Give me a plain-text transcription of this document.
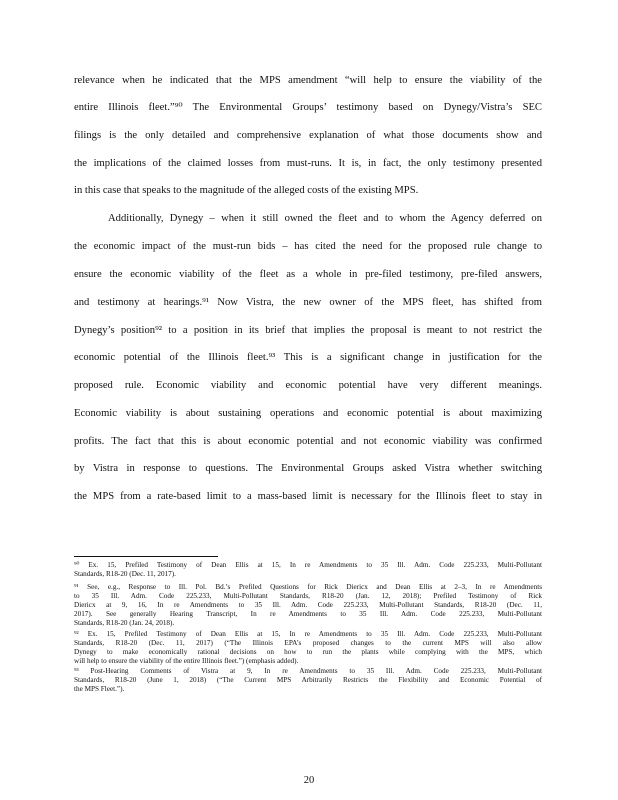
relevance when he indicated that the MPS amendment “will help to ensure the viability of the
entire Illinois fleet.”⁹⁰ The Environmental Groups’ testimony based on Dynegy/Vistra’s SEC
filings is the only detailed and comprehensive explanation of what those documents show and
the implications of the claimed losses from must-runs. It is, in fact, the only testimony presented
in this case that speaks to the magnitude of the alleged costs of the existing MPS.
Additionally, Dynegy – when it still owned the fleet and to whom the Agency deferred on
the economic impact of the must-run bids – has cited the need for the proposed rule change to
ensure the economic viability of the fleet as a whole in pre-filed testimony, pre-filed answers,
and testimony at hearings.⁹¹ Now Vistra, the new owner of the MPS fleet, has shifted from
Dynegy’s position⁹² to a position in its brief that implies the proposal is meant to not restrict the
economic potential of the Illinois fleet.⁹³ This is a significant change in justification for the
proposed rule. Economic viability and economic potential have very different meanings.
Economic viability is about sustaining operations and economic potential is about maximizing
profits. The fact that this is about economic potential and not economic viability was confirmed
by Vistra in response to questions. The Environmental Groups asked Vistra whether switching
the MPS from a rate-based limit to a mass-based limit is necessary for the Illinois fleet to stay in
⁹⁰ Ex. 15, Prefiled Testimony of Dean Ellis at 15, In re Amendments to 35 Ill. Adm. Code 225.233, Multi-Pollutant
Standards, R18-20 (Dec. 11, 2017).
⁹¹ See, e.g., Response to Ill. Pol. Bd.’s Prefiled Questions for Rick Diericx and Dean Ellis at 2–3, In re Amendments
to 35 Ill. Adm. Code 225.233, Multi-Pollutant Standards, R18-20 (Jan. 12, 2018); Prefiled Testimony of Rick
Diericx at 9, 16, In re Amendments to 35 Ill. Adm. Code 225.233, Multi-Pollutant Standards, R18-20 (Dec. 11,
2017). See generally Hearing Transcript, In re Amendments to 35 Ill. Adm. Code 225.233, Multi-Pollutant
Standards, R18-20 (Jan. 24, 2018).
⁹² Ex. 15, Prefiled Testimony of Dean Ellis at 15, In re Amendments to 35 Ill. Adm. Code 225.233, Multi-Pollutant
Standards, R18-20 (Dec. 11, 2017) (“The Illinois EPA’s proposed changes to the current MPS will also allow
Dynegy to make economically rational decisions on how to run the plants while complying with the MPS, which
will help to ensure the viability of the entire Illinois fleet.”) (emphasis added).
⁹³ Post-Hearing Comments of Vistra at 9, In re Amendments to 35 Ill. Adm. Code 225.233, Multi-Pollutant
Standards, R18-20 (June 1, 2018) (“The Current MPS Arbitrarily Restricts the Flexibility and Economic Potential of
the MPS Fleet.”).
20
